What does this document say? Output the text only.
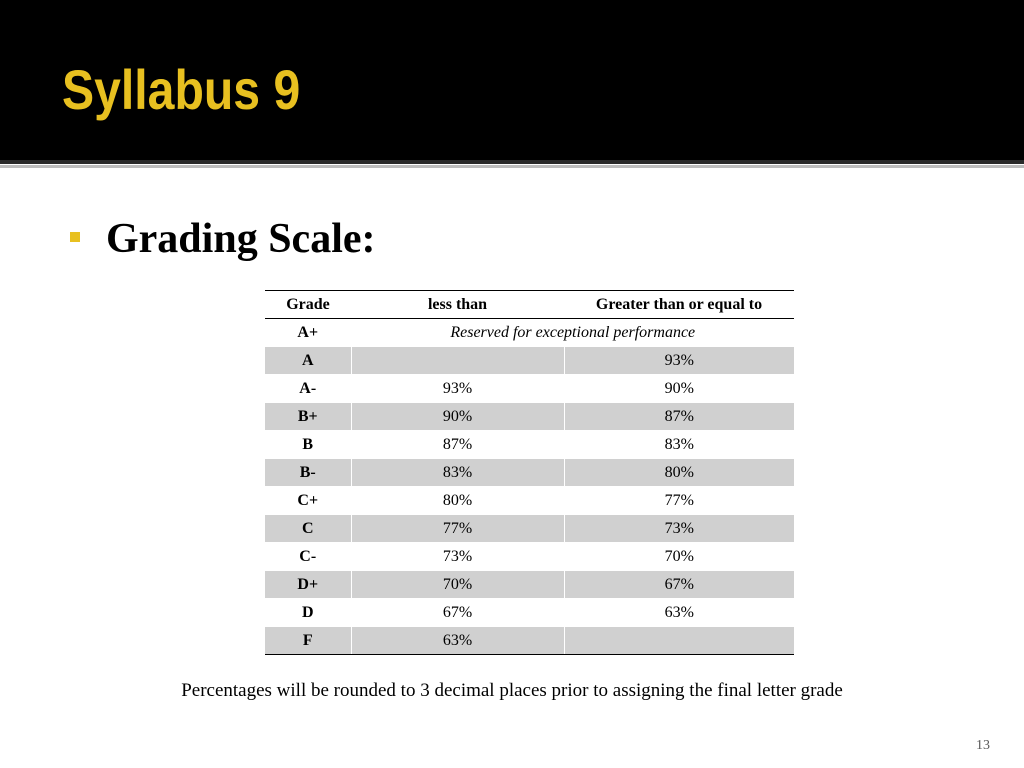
Syllabus 9
Grading Scale:
Grade	less than	Greater than or equal to
A+	Reserved for exceptional performance	
A		93%
A-	93%	90%
B+	90%	87%
B	87%	83%
B-	83%	80%
C+	80%	77%
C	77%	73%
C-	73%	70%
D+	70%	67%
D	67%	63%
F	63%	
Percentages will be rounded to 3 decimal places prior to assigning the final letter grade
13
